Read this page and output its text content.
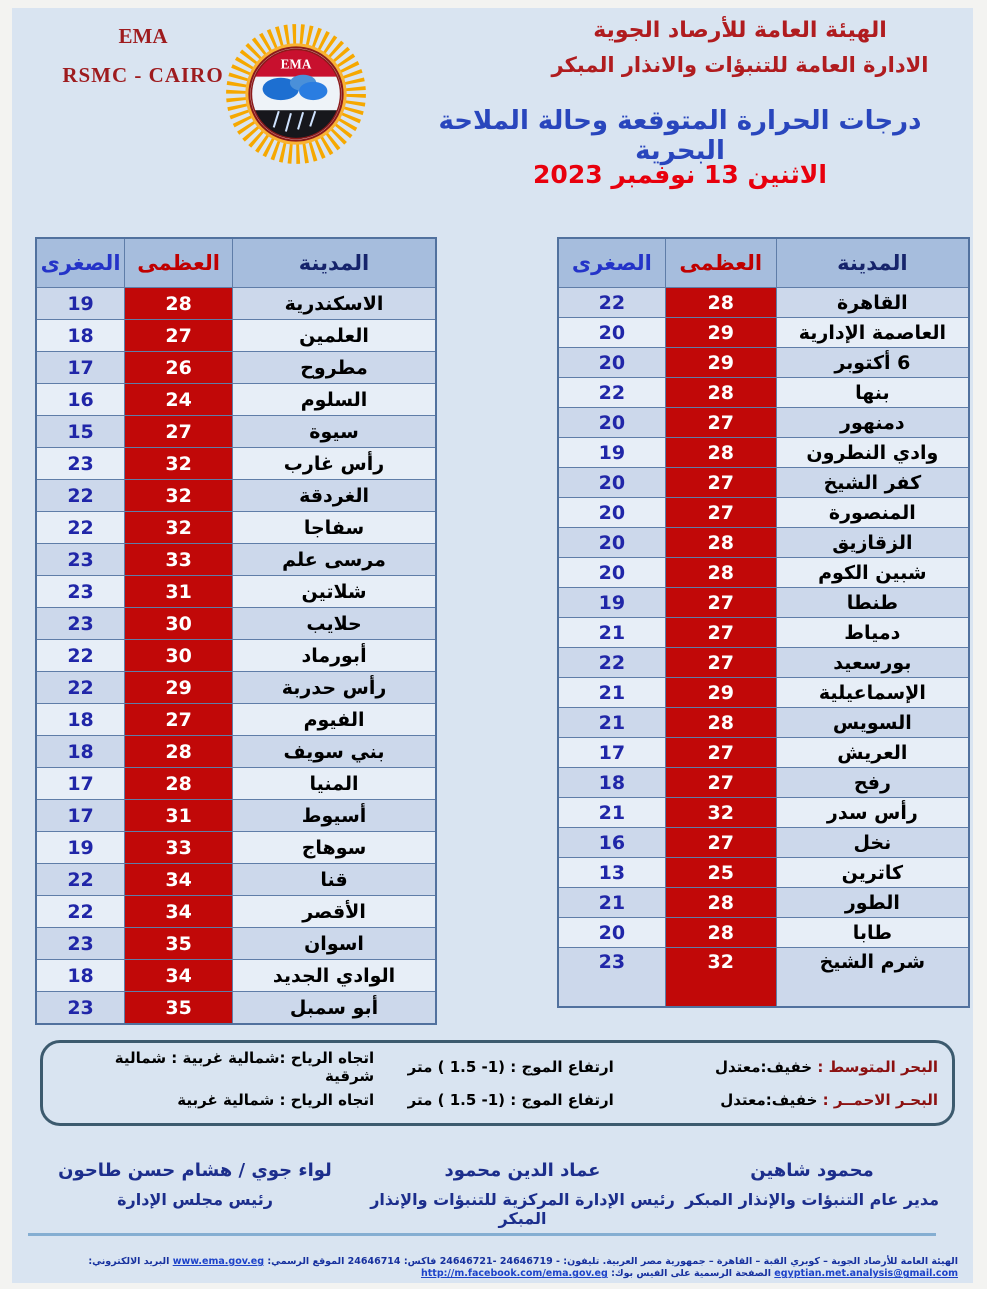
EMA
RSMC - CAIRO	EMA
الهيئة العامة للأرصاد الجوية
الادارة العامة للتنبؤات والانذار المبكر
درجات الحرارة المتوقعة وحالة الملاحة البحرية
الاثنين 13 نوفمبر 2023
الصغرى العظمى	المدينة
19	28	الاسكندرية
18	27	العلمين
17	26	مطروح
16	24	السلوم
15	27	سيوة
23	32	رأس غارب
22	32	الغردقة
22	32	سفاجا
23	33	مرسى علم
23	31	شلاتين
23	30	حلايب
22	30	أبورماد
22	29	رأس حدربة
18	27	الفيوم
18	28	بني سويف
17	28	المنيا
17	31	أسيوط
19	33	سوهاج
22	34	قنا
22	34	الأقصر
23	35	اسوان
18	34	الوادي الجديد
23	35	أبو سمبل
الصغرى	العظمى	المدينة
22	28	القاهرة
20	29	العاصمة الإدارية
20	29	6 أكتوبر
22	28	بنها
20	27	دمنهور
19	28	وادي النطرون
20	27	كفر الشيخ
20	27	المنصورة
20	28	الزقازيق
20	28	شبين الكوم
19	27	طنطا
21	27	دمياط
22	27	بورسعيد
21	29	الإسماعيلية
21	28	السويس
17	27	العريش
18	27	رفح
21	32	رأس سدر
16	27	نخل
13	25	كاترين
21	28	الطور
20	28	طابا
23	32	شرم الشيخ
البحر المتوسط : خفيف:معتدل
ارتفاع الموج : (1- 1.5 ) متر
اتجاه الرياح :شمالية غربية : شمالية شرقية
البحـر الاحمــر : خفيف:معتدل
ارتفاع الموج : (1- 1.5 ) متر
اتجاه الرياح : شمالية غربية
محمود شاهين
مدير عام التنبؤات والإنذار المبكر
عماد الدين محمود
رئيس الإدارة المركزية للتنبؤات والإنذار المبكر
لواء جوي / هشام حسن طاحون
رئيس مجلس الإدارة
الهيئة العامة للأرصاد الجوية – كوبري القبة – القاهرة – جمهورية مصر العربية. تليفون: - 24646719 -24646721 فاكس: 24646714 الموقع الرسمي: www.ema.gov.eg البريد الالكتروني: egyptian.met.analysis@gmail.com الصفحة الرسمية على الفيس بوك: http://m.facebook.com/ema.gov.eg
